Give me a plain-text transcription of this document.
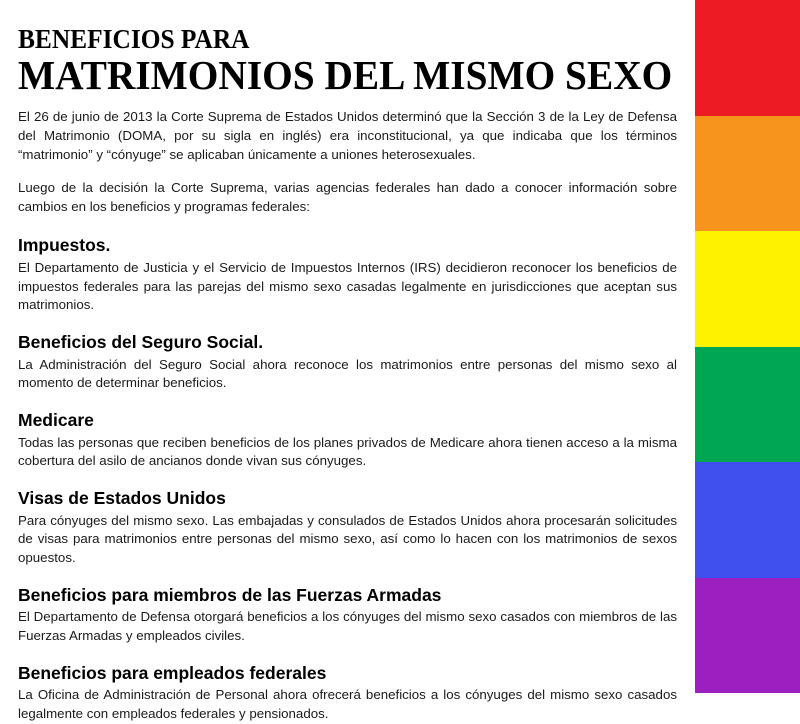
BENEFICIOS PARA
MATRIMONIOS DEL MISMO SEXO

El 26 de junio de 2013 la Corte Suprema de Estados Unidos determinó que la Sección 3 de la Ley de Defensa del Matrimonio (DOMA, por su sigla en inglés) era inconstitucional, ya que indicaba que los términos “matrimonio” y “cónyuge” se aplicaban únicamente a uniones heterosexuales.

Luego de la decisión la Corte Suprema, varias agencias federales han dado a conocer información sobre cambios en los beneficios y programas federales:

Impuestos.

El Departamento de Justicia y el Servicio de Impuestos Internos (IRS) decidieron reconocer los beneficios de impuestos federales para las parejas del mismo sexo casadas legalmente en jurisdicciones que aceptan sus matrimonios.

Beneficios del Seguro Social.

La Administración del Seguro Social ahora reconoce los matrimonios entre personas del mismo sexo al momento de determinar beneficios.

Medicare

Todas las personas que reciben beneficios de los planes privados de Medicare ahora tienen acceso a la misma cobertura del asilo de ancianos donde vivan sus cónyuges.

Visas de Estados Unidos

Para cónyuges del mismo sexo. Las embajadas y consulados de Estados Unidos ahora procesarán solicitudes de visas para matrimonios entre personas del mismo sexo, así como lo hacen con los matrimonios de sexos opuestos.

Beneficios para miembros de las Fuerzas Armadas

El Departamento de Defensa otorgará beneficios a los cónyuges del mismo sexo casados con miembros de las Fuerzas Armadas y empleados civiles.

Beneficios para empleados federales

La Oficina de Administración de Personal ahora ofrecerá beneficios a los cónyuges del mismo sexo casados legalmente con empleados federales y pensionados.
